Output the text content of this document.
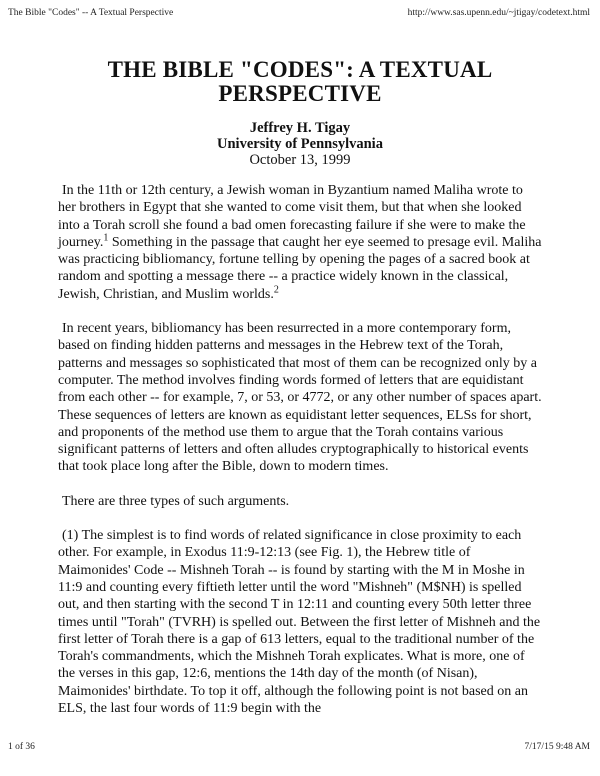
The Bible "Codes" -- A Textual Perspective	http://www.sas.upenn.edu/~jtigay/codetext.html
THE BIBLE "CODES": A TEXTUAL PERSPECTIVE
Jeffrey H. Tigay
University of Pennsylvania
October 13, 1999

In the 11th or 12th century, a Jewish woman in Byzantium named Maliha wrote to her brothers in Egypt that she wanted to come visit them, but that when she looked into a Torah scroll she found a bad omen forecasting failure if she were to make the journey.$^1$ Something in the passage that caught her eye seemed to presage evil. Maliha was practicing bibliomancy, fortune telling by opening the pages of a sacred book at random and spotting a message there -- a practice widely known in the classical, Jewish, Christian, and Muslim worlds.$^2$

In recent years, bibliomancy has been resurrected in a more contemporary form, based on finding hidden patterns and messages in the Hebrew text of the Torah, patterns and messages so sophisticated that most of them can be recognized only by a computer. The method involves finding words formed of letters that are equidistant from each other -- for example, 7, or 53, or 4772, or any other number of spaces apart. These sequences of letters are known as equidistant letter sequences, ELSs for short, and proponents of the method use them to argue that the Torah contains various significant patterns of letters and often alludes cryptographically to historical events that took place long after the Bible, down to modern times.

There are three types of such arguments.

(1) The simplest is to find words of related significance in close proximity to each other. For example, in Exodus 11:9-12:13 (see Fig. 1), the Hebrew title of Maimonides' Code -- Mishneh Torah -- is found by starting with the M in Moshe in 11:9 and counting every fiftieth letter until the word "Mishneh" (M$NH) is spelled out, and then starting with the second T in 12:11 and counting every 50th letter three times until "Torah" (TVRH) is spelled out. Between the first letter of Mishneh and the first letter of Torah there is a gap of 613 letters, equal to the traditional number of the Torah's commandments, which the Mishneh Torah explicates. What is more, one of the verses in this gap, 12:6, mentions the 14th day of the month (of Nisan), Maimonides' birthdate. To top it off, although the following point is not based on an ELS, the last four words of 11:9 begin with the

1 of 36	7/17/15 9:48 AM
